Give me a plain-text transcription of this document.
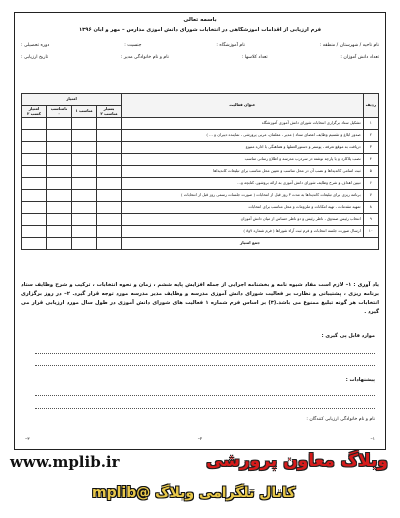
باسمه تعالی
فرم ارزیابی از اقدامات آموزشگاهی در انتخابات شورای دانش آموزی مدارس – مهر و آبان ۱۳۹۶
نام ناحیه / شهرستان / منطقه :
نام آموزشگاه :
جنسیت :
دوره تحصیلی :
تعداد دانش آموزان :
تعداد کلاسها :
نام و نام خانوادگی مدیر :
تاریخ ارزیابی :
ردیف	عنوان فعالیت	امتیاز			
		بسیار مناسب ۲	مناسب ۱	نامناسب ۰	امتیاز کسب ۲
۱	تشکیل ستاد برگزاری انتخابات شورای دانش آموزی آموزشگاه				
۲	صدور ابلاغ و تقسیم وظایف اعضای ستاد ( مدیر ، معلمان، مربی پرورشی ، نماینده دبیران و ... )				
۳	دریافت به موقع تعرفه ، پوستر و دستورالعملها و هماهنگی با اداره متبوع				
۴	نصب پلاکارد و یا پارچه نوشته در سردرب مدرسه و اطلاع رسانی مناسب				
۵	ثبت اسامی کاندیداها و نصب آن در محل مناسب و تعیین محل مناسب برای تبلیغات کاندیداها				
۶	تبیین اهداف و شرح وظایف شورای دانش آموزی به ارائه بروشور، کتابچه و...				
۷	برنامه ریزی برای تبلیغات کاندیداها به مدت ۳ روز قبل از انتخابات ( صورت جلسات رسمی روز قبل از انتخابات )				
۸	تمهید مقدمات ، تهیه امکانات و ملزومات و محل مناسب برای انتخابات				
۹	انتخاب رئیس صندوق ، ناظر رئیس و دو ناظر حساس از میان دانش آموزان				
۱۰	ارسال صورت جلسه انتخابات و فرم ثبت آراء شوراها ( فرم شماره ۷و۸ )				
جمع امتیاز					
یاد آوری : ۱– لازم است مفاد شیوه نامه و بخشنامه اجرایی از جمله افزایش پایه ششم ، زمان و نحوه انتخابات ، ترکیب و شرح وظایف ستاد برنامه ریزی ، پشتیبانی و نظارت بر فعالیت شورای دانش آموزی مدرسه و وظایف مدیر مدرسه مورد توجه قرار گیرد. ۲– در روز برگزاری انتخابات هر گونه تبلیغ ممنوع می باشد.(۳) بر اساس فرم شماره ۱ فعالیت های شورای دانش آموزی در طول سال مورد ارزیابی قرار می گیرد .
موارد قابل پی گیری :
پیشنهادات :
نام و نام خانوادگی ارزیابی کنندگان :
۱–
۲–
۳–
www.mplib.ir	وبلاگ معاون پرورشی
کانال تلگرامی وبلاگ @mplib
